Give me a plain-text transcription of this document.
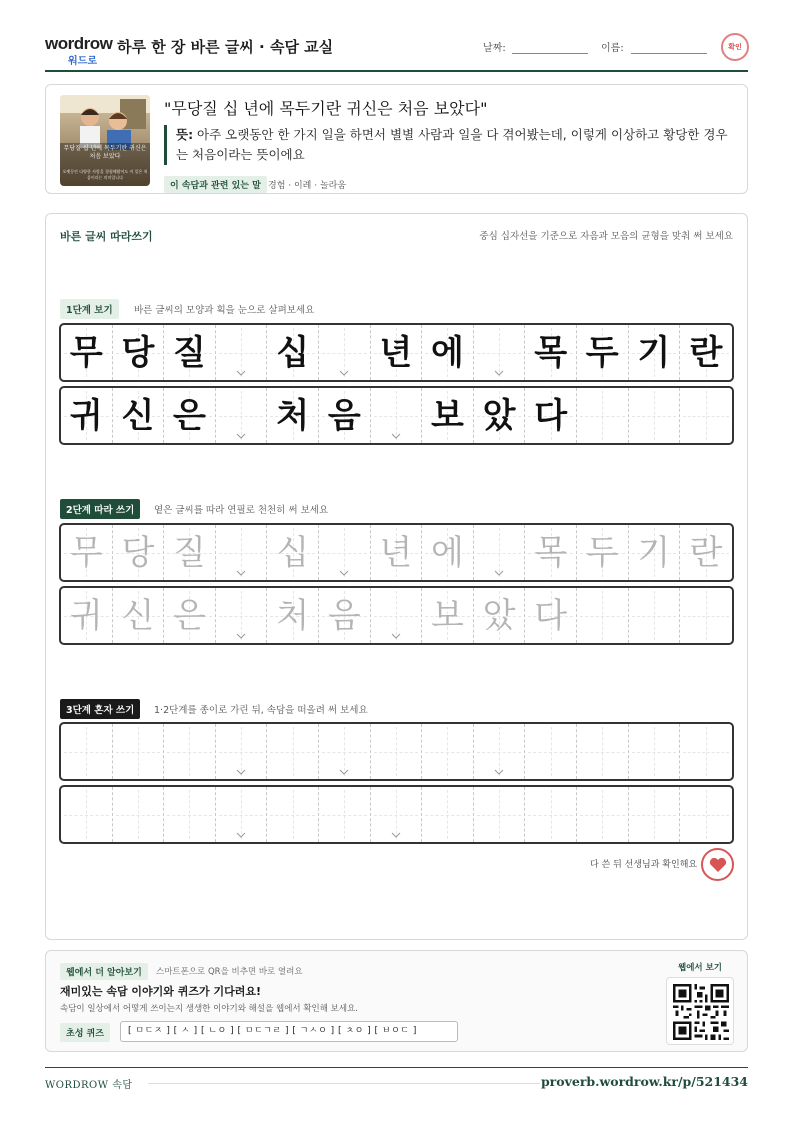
wordrow
워드로
하루 한 장 바른 글씨 · 속담 교실	날짜:	이름:	확인
무당질 십 년에 목두기란 귀신은 처음 보았다
오랫동안 다양한 사람을 경험해왔어도 이 일은 처음이라는 의미입니다
"무당질 십 년에 목두기란 귀신은 처음 보았다"
뜻: 아주 오랫동안 한 가지 일을 하면서 별별 사람과 일을 다 겪어봤는데, 이렇게 이상하고 황당한 경우는 처음이라는 뜻이에요
이 속담과 관련 있는 말 경험 · 이례 · 놀라움
바른 글씨 따라쓰기	중심 십자선을 기준으로 자음과 모음의 균형을 맞춰 써 보세요
1단계 보기	바른 글씨의 모양과 획을 눈으로 살펴보세요
무 당 질 십 년 에 목 두 기 란
귀 신 은 처 음 보 았 다
2단계 따라 쓰기	옅은 글씨를 따라 연필로 천천히 써 보세요
무 당 질 십 년 에 목 두 기 란
귀 신 은 처 음 보 았 다
3단계 혼자 쓰기	1·2단계를 종이로 가린 뒤, 속담을 떠올려 써 보세요
다 쓴 뒤 선생님과 확인해요
웹에서 더 알아보기	스마트폰으로 QR을 비추면 바로 열려요
재미있는 속담 이야기와 퀴즈가 기다려요!
속담이 일상에서 어떻게 쓰이는지 생생한 이야기와 해설을 웹에서 확인해 보세요.
초성 퀴즈	[ ㅁㄷㅈ ] [ ㅅ ] [ ㄴㅇ ] [ ㅁㄷㄱㄹ ] [ ㄱㅅㅇ ] [ ㅊㅇ ] [ ㅂㅇㄷ ]
웹에서 보기
WORDROW 속담	proverb.wordrow.kr/p/521434
